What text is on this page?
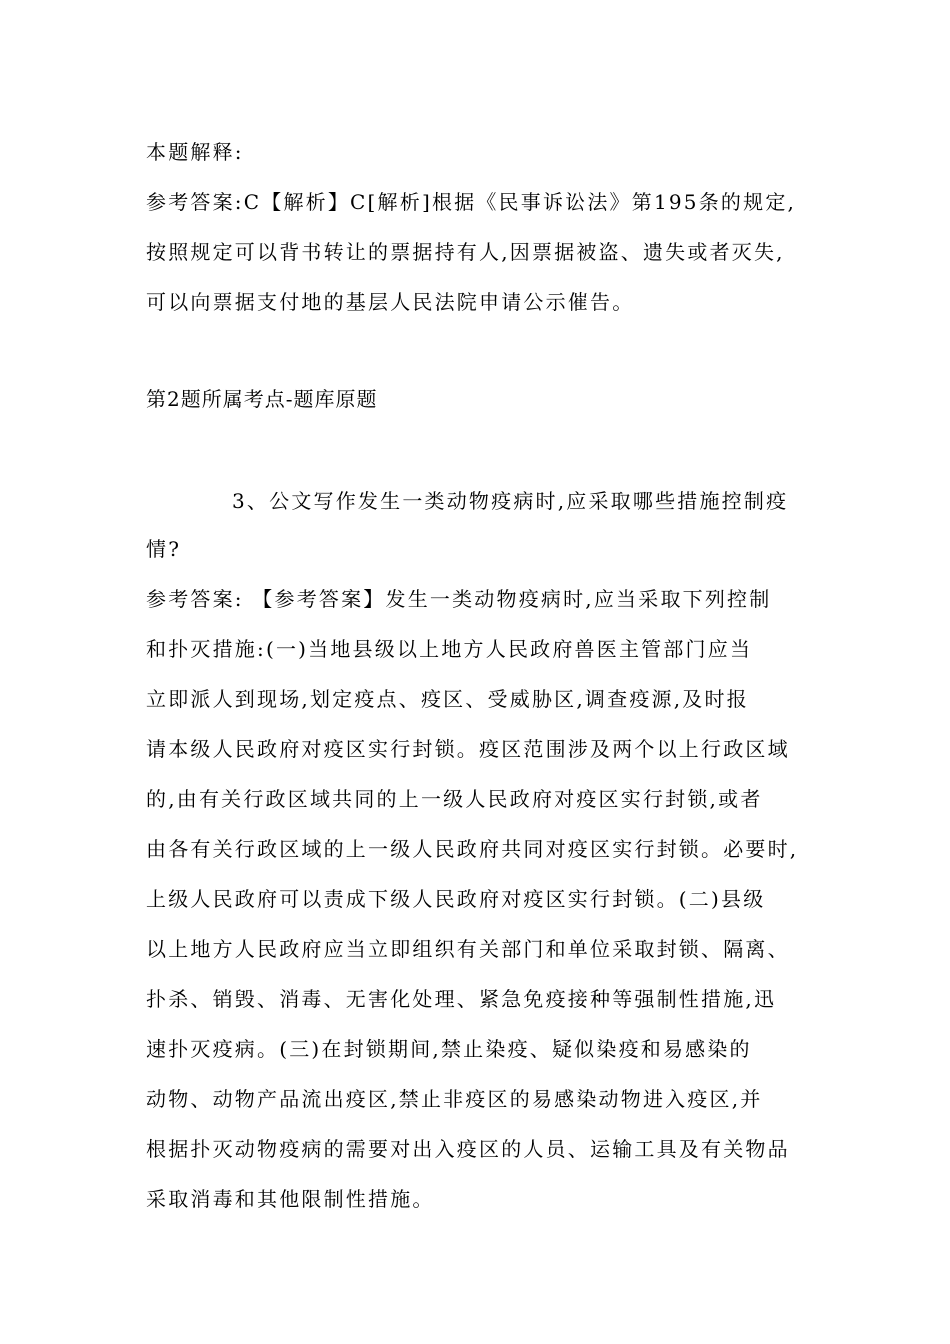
本题解释:
参考答案:C【解析】C[解析]根据《民事诉讼法》第195条的规定,
按照规定可以背书转让的票据持有人,因票据被盗、遗失或者灭失,
可以向票据支付地的基层人民法院申请公示催告。
第2题所属考点-题库原题
3、公文写作发生一类动物疫病时,应采取哪些措施控制疫
情?
参考答案: 【参考答案】发生一类动物疫病时,应当采取下列控制
和扑灭措施:(一)当地县级以上地方人民政府兽医主管部门应当
立即派人到现场,划定疫点、疫区、受威胁区,调查疫源,及时报
请本级人民政府对疫区实行封锁。疫区范围涉及两个以上行政区域
的,由有关行政区域共同的上一级人民政府对疫区实行封锁,或者
由各有关行政区域的上一级人民政府共同对疫区实行封锁。必要时,
上级人民政府可以责成下级人民政府对疫区实行封锁。(二)县级
以上地方人民政府应当立即组织有关部门和单位采取封锁、隔离、
扑杀、销毁、消毒、无害化处理、紧急免疫接种等强制性措施,迅
速扑灭疫病。(三)在封锁期间,禁止染疫、疑似染疫和易感染的
动物、动物产品流出疫区,禁止非疫区的易感染动物进入疫区,并
根据扑灭动物疫病的需要对出入疫区的人员、运输工具及有关物品
采取消毒和其他限制性措施。
